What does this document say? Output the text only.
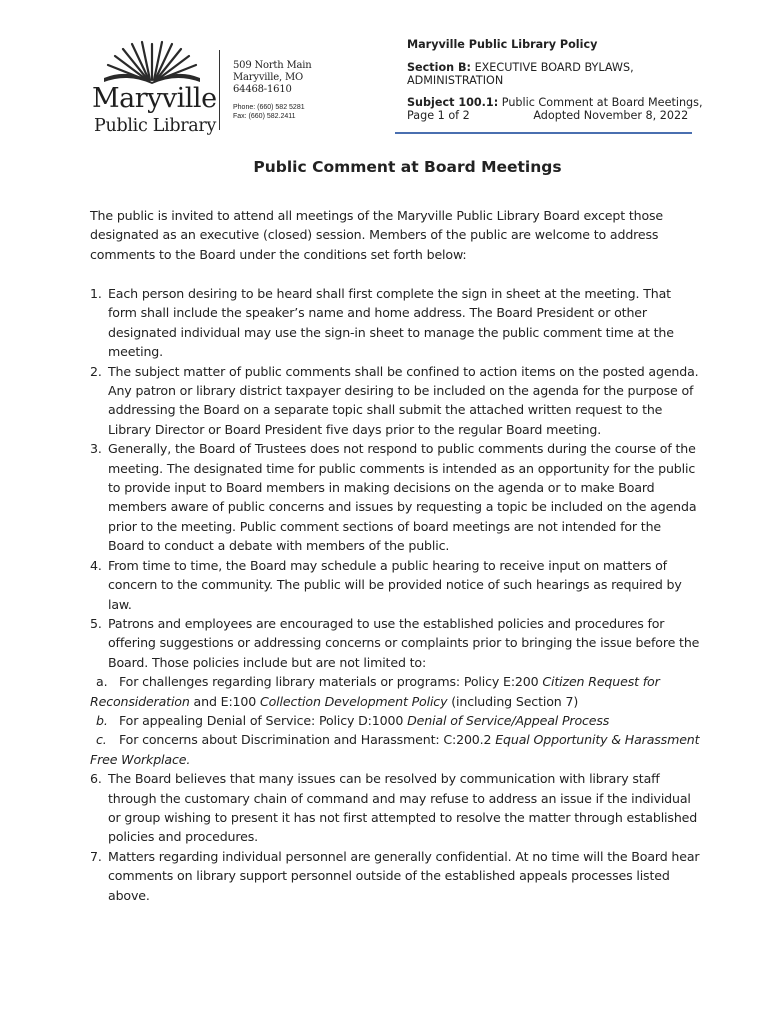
Maryville
Public Library
509 North Main
Maryville, MO
64468-1610
Phone: (660) 582 5281
Fax: (660) 582.2411
Maryville Public Library Policy
Section B: EXECUTIVE BOARD BYLAWS, ADMINISTRATION
Subject 100.1: Public Comment at Board Meetings,
Page 1 of 2	Adopted November 8, 2022
Public Comment at Board Meetings
The public is invited to attend all meetings of the Maryville Public Library Board except those designated as an executive (closed) session. Members of the public are welcome to address comments to the Board under the conditions set forth below:
1. Each person desiring to be heard shall first complete the sign in sheet at the meeting. That form shall include the speaker’s name and home address. The Board President or other designated individual may use the sign-in sheet to manage the public comment time at the meeting.
2. The subject matter of public comments shall be confined to action items on the posted agenda. Any patron or library district taxpayer desiring to be included on the agenda for the purpose of addressing the Board on a separate topic shall submit the attached written request to the Library Director or Board President five days prior to the regular Board meeting.
3. Generally, the Board of Trustees does not respond to public comments during the course of the meeting. The designated time for public comments is intended as an opportunity for the public to provide input to Board members in making decisions on the agenda or to make Board members aware of public concerns and issues by requesting a topic be included on the agenda prior to the meeting. Public comment sections of board meetings are not intended for the Board to conduct a debate with members of the public.
4. From time to time, the Board may schedule a public hearing to receive input on matters of concern to the community. The public will be provided notice of such hearings as required by law.
5. Patrons and employees are encouraged to use the established policies and procedures for offering suggestions or addressing concerns or complaints prior to bringing the issue before the Board. Those policies include but are not limited to:
a. For challenges regarding library materials or programs: Policy E:200 Citizen Request for Reconsideration and E:100 Collection Development Policy (including Section 7)
b. For appealing Denial of Service: Policy D:1000 Denial of Service/Appeal Process
c. For concerns about Discrimination and Harassment: C:200.2 Equal Opportunity & Harassment Free Workplace.
6. The Board believes that many issues can be resolved by communication with library staff through the customary chain of command and may refuse to address an issue if the individual or group wishing to present it has not first attempted to resolve the matter through established policies and procedures.
7. Matters regarding individual personnel are generally confidential. At no time will the Board hear comments on library support personnel outside of the established appeals processes listed above.
